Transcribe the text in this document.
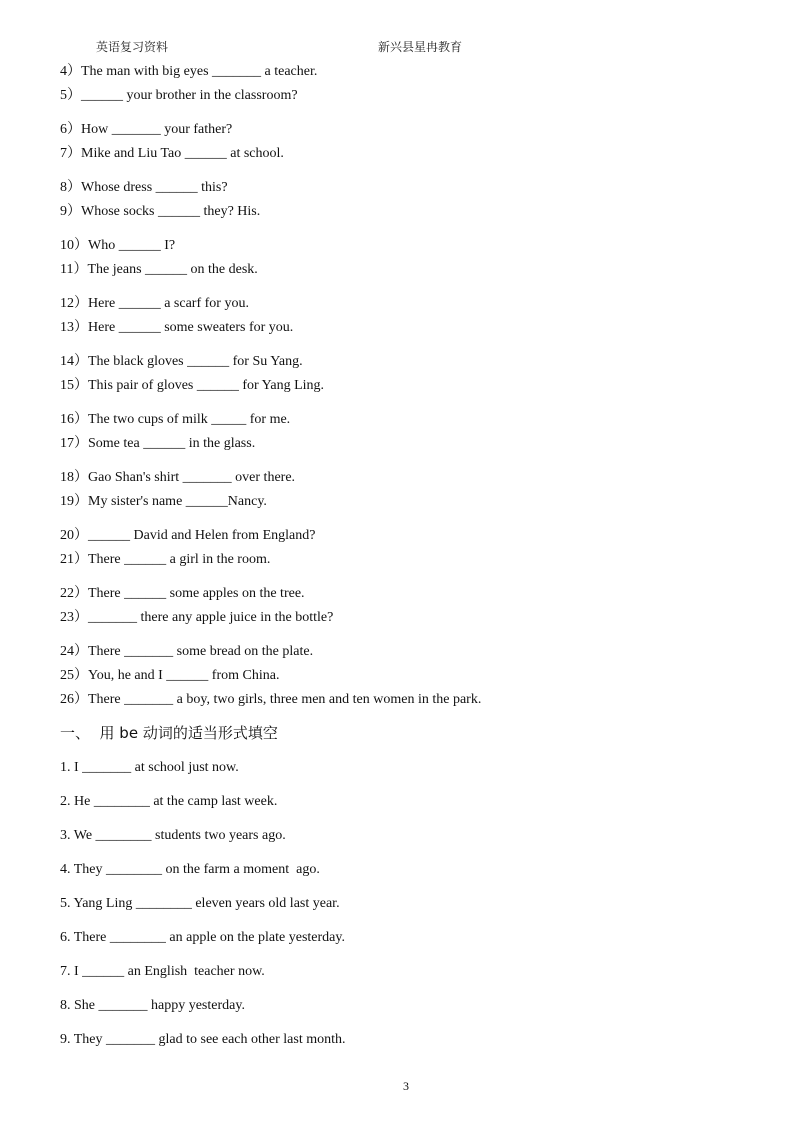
英语复习资料	新兴县星冉教育
4）The man with big eyes _______ a teacher.
5）______ your brother in the classroom?
6）How _______ your father?
7）Mike and Liu Tao ______ at school.
8）Whose dress ______ this?
9）Whose socks ______ they? His.
10）Who ______ I?
11）The jeans ______ on the desk.
12）Here ______ a scarf for you.
13）Here ______ some sweaters for you.
14）The black gloves ______ for Su Yang.
15）This pair of gloves ______ for Yang Ling.
16）The two cups of milk _____ for me.
17）Some tea ______ in the glass.
18）Gao Shan's shirt _______ over there.
19）My sister's name ______Nancy.
20）______ David and Helen from England?
21）There ______ a girl in the room.
22）There ______ some apples on the tree.
23）_______ there any apple juice in the bottle?
24）There _______ some bread on the plate.
25）You, he and I ______ from China.
26）There _______ a boy, two girls, three men and ten women in the park.
一、  用 be 动词的适当形式填空
1. I _______ at school just now.
2. He ________ at the camp last week.
3. We ________ students two years ago.
4. They ________ on the farm a moment  ago.
5. Yang Ling ________ eleven years old last year.
6. There ________ an apple on the plate yesterday.
7. I ______ an English  teacher now.
8. She _______ happy yesterday.
9. They _______ glad to see each other last month.
3
